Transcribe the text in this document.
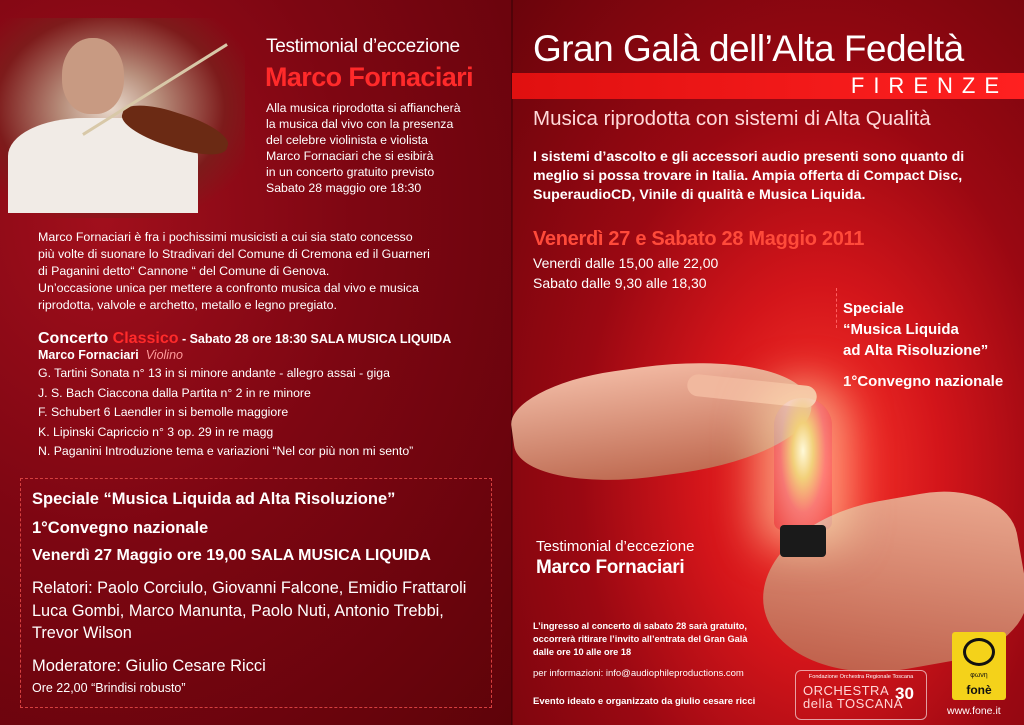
Testimonial d’eccezione
Marco Fornaciari

Alla musica riprodotta si affiancherà
la musica dal vivo con la presenza
del celebre violinista e violista
Marco Fornaciari che si esibirà
in un concerto gratuito previsto
Sabato 28 maggio ore 18:30

Marco Fornaciari è fra i pochissimi musicisti a cui sia stato concesso
più volte di suonare lo Stradivari del Comune di Cremona ed il Guarneri
di Paganini detto“ Cannone “ del Comune di Genova.
Un’occasione unica per mettere a confronto musica dal vivo e musica
riprodotta, valvole e archetto, metallo e legno pregiato.
Concerto Classico - Sabato 28 ore 18:30 SALA MUSICA LIQUIDA
Marco Fornaciari Violino
G. Tartini Sonata n° 13 in si minore andante - allegro assai - giga
J. S. Bach Ciaccona dalla Partita n° 2 in re minore
F. Schubert 6 Laendler in si bemolle maggiore
K. Lipinski Capriccio n° 3 op. 29 in re magg
N. Paganini Introduzione tema e variazioni “Nel cor più non mi sento”
Speciale “Musica Liquida ad Alta Risoluzione”
1°Convegno nazionale
Venerdì 27 Maggio ore 19,00 SALA MUSICA LIQUIDA
Relatori: Paolo Corciulo, Giovanni Falcone, Emidio Frattaroli
Luca Gombi, Marco Manunta, Paolo Nuti, Antonio Trebbi,
Trevor Wilson
Moderatore: Giulio Cesare Ricci
Ore 22,00 “Brindisi robusto”
Gran Galà dell’Alta Fedeltà
FIRENZE
Musica riprodotta con sistemi di Alta Qualità
I sistemi d’ascolto e gli accessori audio presenti sono quanto di
meglio si possa trovare in Italia. Ampia offerta di Compact Disc,
SuperaudioCD, Vinile di qualità e Musica Liquida.
Venerdì 27 e Sabato 28 Maggio 2011
Venerdì dalle 15,00 alle 22,00
Sabato dalle 9,30 alle 18,30
Speciale
“Musica Liquida
ad Alta Risoluzione”
1°Convegno nazionale
Testimonial d’eccezione
Marco Fornaciari
L’ingresso al concerto di sabato 28 sarà gratuito,
occorrerà ritirare l’invito all’entrata del Gran Galà
dalle ore 10 alle ore 18
per informazioni: info@audiophileproductions.com
Evento ideato e organizzato da giulio cesare ricci
Fondazione Orchestra Regionale Toscana
ORCHESTRA
della TOSCANA
30
φωνη
fonè
www.fone.it
